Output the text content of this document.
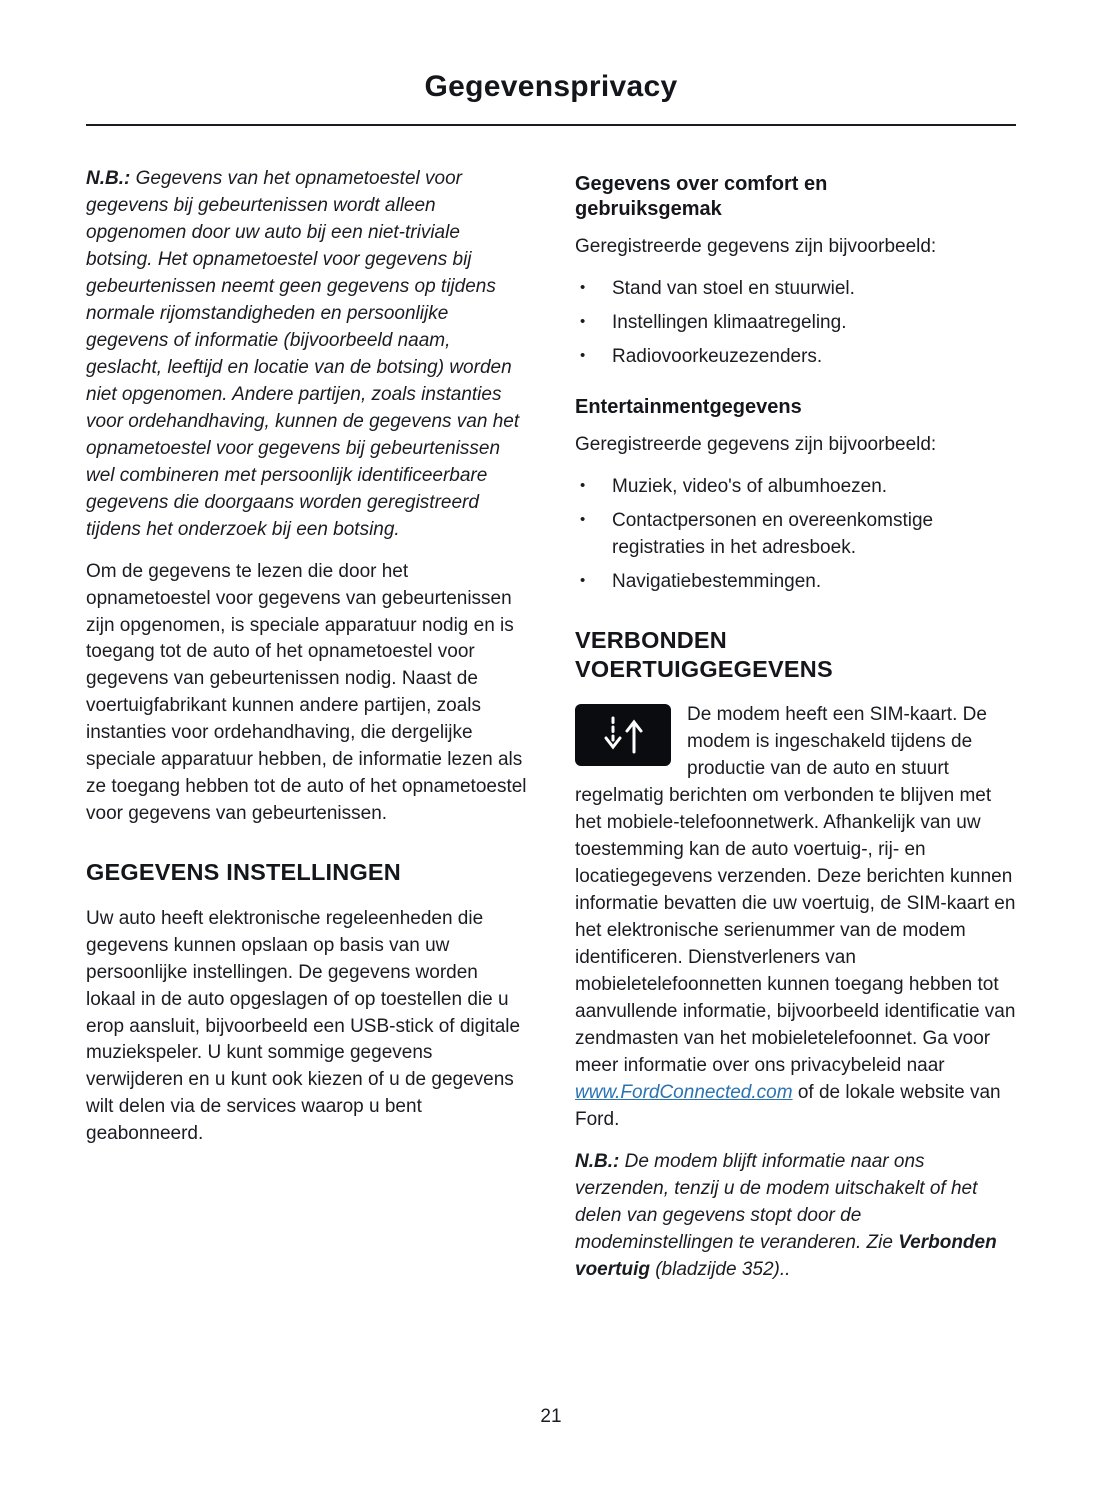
Gegevensprivacy

N.B.: Gegevens van het opnametoestel voor gegevens bij gebeurtenissen wordt alleen opgenomen door uw auto bij een niet-triviale botsing. Het opnametoestel voor gegevens bij gebeurtenissen neemt geen gegevens op tijdens normale rijomstandigheden en persoonlijke gegevens of informatie (bijvoorbeeld naam, geslacht, leeftijd en locatie van de botsing) worden niet opgenomen. Andere partijen, zoals instanties voor ordehandhaving, kunnen de gegevens van het opnametoestel voor gegevens bij gebeurtenissen wel combineren met persoonlijk identificeerbare gegevens die doorgaans worden geregistreerd tijdens het onderzoek bij een botsing.

Om de gegevens te lezen die door het opnametoestel voor gegevens van gebeurtenissen zijn opgenomen, is speciale apparatuur nodig en is toegang tot de auto of het opnametoestel voor gegevens van gebeurtenissen nodig. Naast de voertuigfabrikant kunnen andere partijen, zoals instanties voor ordehandhaving, die dergelijke speciale apparatuur hebben, de informatie lezen als ze toegang hebben tot de auto of het opnametoestel voor gegevens van gebeurtenissen.

GEGEVENS INSTELLINGEN

Uw auto heeft elektronische regeleenheden die gegevens kunnen opslaan op basis van uw persoonlijke instellingen. De gegevens worden lokaal in de auto opgeslagen of op toestellen die u erop aansluit, bijvoorbeeld een USB-stick of digitale muziekspeler. U kunt sommige gegevens verwijderen en u kunt ook kiezen of u de gegevens wilt delen via de services waarop u bent geabonneerd.

Gegevens over comfort en gebruiksgemak

Geregistreerde gegevens zijn bijvoorbeeld:

• Stand van stoel en stuurwiel.
• Instellingen klimaatregeling.
• Radiovoorkeuzezenders.
Entertainmentgegevens

Geregistreerde gegevens zijn bijvoorbeeld:

• Muziek, video's of albumhoezen.
• Contactpersonen en overeenkomstige registraties in het adresboek.
• Navigatiebestemmingen.
VERBONDEN VOERTUIGGEGEVENS

De modem heeft een SIM-kaart. De modem is ingeschakeld tijdens de productie van de auto en stuurt regelmatig berichten om verbonden te blijven met het mobiele-telefoonnetwerk. Afhankelijk van uw toestemming kan de auto voertuig-, rij- en locatiegegevens verzenden. Deze berichten kunnen informatie bevatten die uw voertuig, de SIM-kaart en het elektronische serienummer van de modem identificeren. Dienstverleners van mobieletelefoonnetten kunnen toegang hebben tot aanvullende informatie, bijvoorbeeld identificatie van zendmasten van het mobieletelefoonnet. Ga voor meer informatie over ons privacybeleid naar www.FordConnected.com of de lokale website van Ford.

N.B.: De modem blijft informatie naar ons verzenden, tenzij u de modem uitschakelt of het delen van gegevens stopt door de modeminstellingen te veranderen. Zie Verbonden voertuig (bladzijde 352)..

21
